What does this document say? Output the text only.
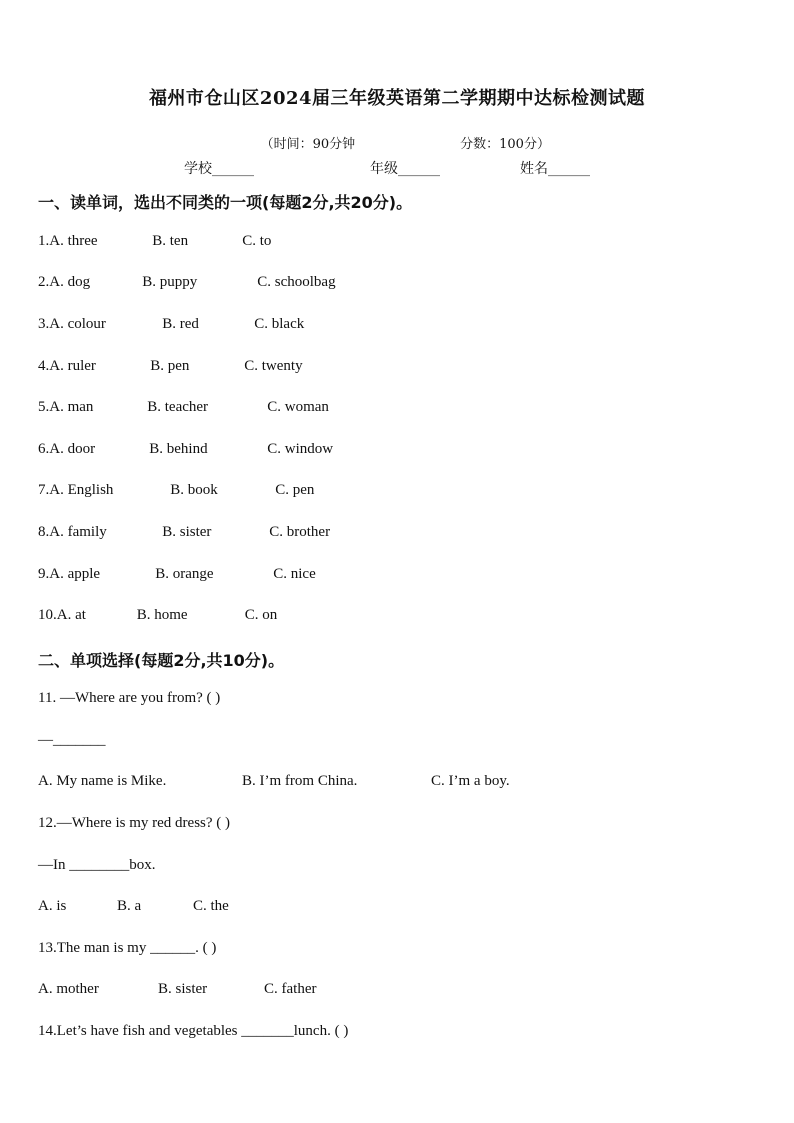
福州市仓山区2024届三年级英语第二学期期中达标检测试题

（时间：90分钟	分数：100分）

学校______	年级______	姓名______
一、读单词，选出不同类的一项(每题2分,共20分)。
1.A. three	B. ten	C. to
2.A. dog	B. puppy	C. schoolbag
3.A. colour	B. red	C. black
4.A. ruler	B. pen	C. twenty
5.A. man	B. teacher	C. woman
6.A. door	B. behind	C. window
7.A. English	B. book	C. pen
8.A. family	B. sister	C. brother
9.A. apple	B. orange	C. nice
10.A. at	B. home	C. on
二、单项选择(每题2分,共10分)。
11. —Where are you from? ( )
—_______
A. My name is Mike.	B. I’m from China.	C. I’m a boy.
12.—Where is my red dress? ( )
—In ________box.
A. is	B. a	C. the
13.The man is my ______. ( )
A. mother	B. sister	C. father
14.Let’s have fish and vegetables _______lunch. ( )
